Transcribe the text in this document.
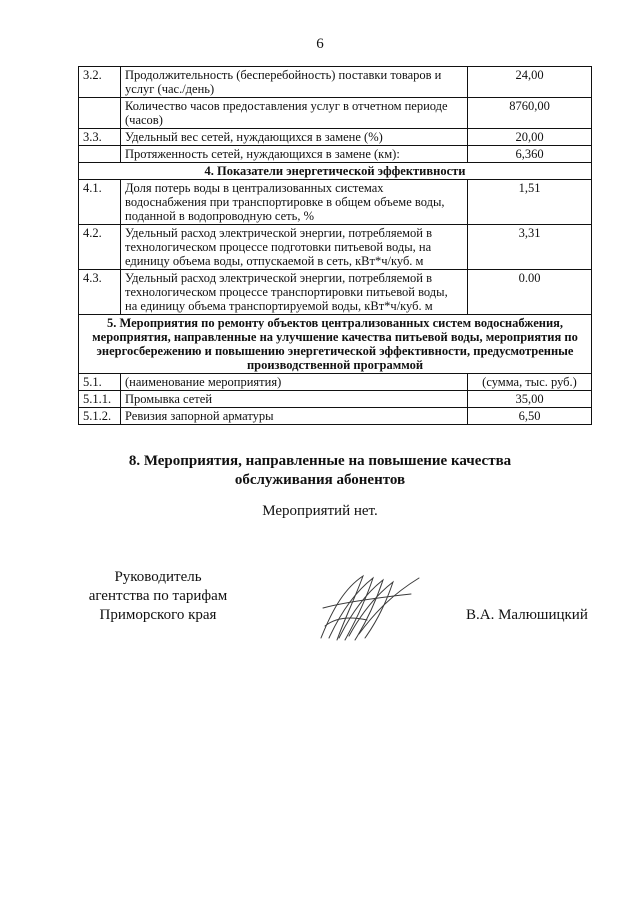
6
3.2.	Продолжительность (бесперебойность) поставки товаров и услуг (час./день)	24,00
	Количество часов предоставления услуг в отчетном периоде (часов)	8760,00
3.3.	Удельный вес сетей, нуждающихся в замене (%)	20,00
	Протяженность сетей, нуждающихся в замене (км):	6,360
4. Показатели энергетической эффективности		
4.1.	Доля потерь воды в централизованных системах водоснабжения при транспортировке в общем объеме воды, поданной в водопроводную сеть, %	1,51
4.2.	Удельный расход электрической энергии, потребляемой в технологическом процессе подготовки питьевой воды, на единицу объема воды, отпускаемой в сеть, кВт*ч/куб. м	3,31
4.3.	Удельный расход электрической энергии, потребляемой в технологическом процессе транспортировки питьевой воды, на единицу объема транспортируемой воды, кВт*ч/куб. м	0.00
5. Мероприятия по ремонту объектов централизованных систем водоснабжения, мероприятия, направленные на улучшение качества питьевой воды, мероприятия по энергосбережению и повышению энергетической эффективности, предусмотренные производственной программой		
5.1.	(наименование мероприятия)	(сумма, тыс. руб.)
5.1.1.	Промывка сетей	35,00
5.1.2.	Ревизия запорной арматуры	6,50
8. Мероприятия, направленные на повышение качества
обслуживания абонентов
Мероприятий нет.
Руководитель
агентства по тарифам
Приморского края	В.А. Малюшицкий
